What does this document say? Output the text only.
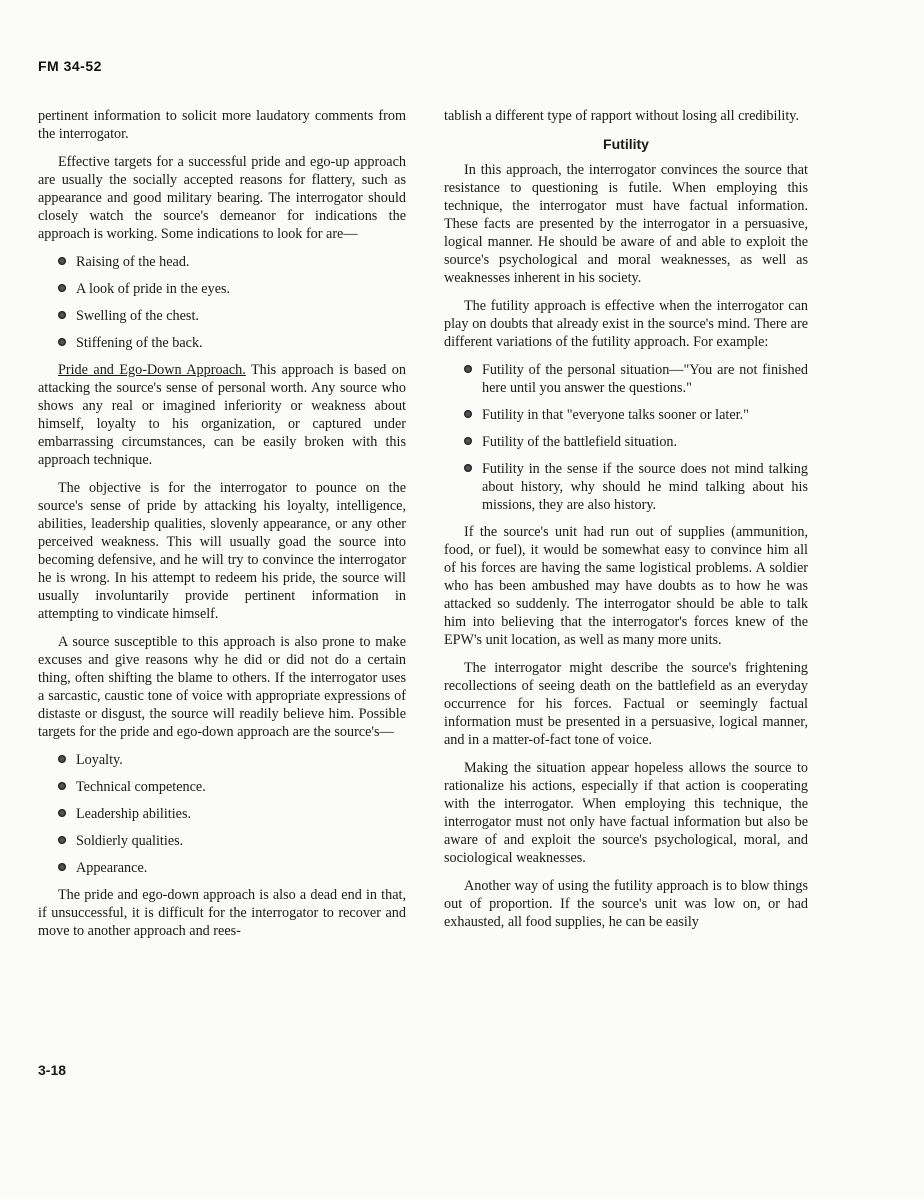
FM 34-52

pertinent information to solicit more laudatory comments from the interrogator.

Effective targets for a successful pride and ego-up approach are usually the socially accepted reasons for flattery, such as appearance and good military bearing. The interrogator should closely watch the source's demeanor for indications the approach is working. Some indications to look for are—

Raising of the head.
A look of pride in the eyes.
Swelling of the chest.
Stiffening of the back.

Pride and Ego-Down Approach. This approach is based on attacking the source's sense of personal worth. Any source who shows any real or imagined inferiority or weakness about himself, loyalty to his organization, or captured under embarrassing circumstances, can be easily broken with this approach technique.

The objective is for the interrogator to pounce on the source's sense of pride by attacking his loyalty, intelligence, abilities, leadership qualities, slovenly appearance, or any other perceived weakness. This will usually goad the source into becoming defensive, and he will try to convince the interrogator he is wrong. In his attempt to redeem his pride, the source will usually involuntarily provide pertinent information in attempting to vindicate himself.

A source susceptible to this approach is also prone to make excuses and give reasons why he did or did not do a certain thing, often shifting the blame to others. If the interrogator uses a sarcastic, caustic tone of voice with appropriate expressions of distaste or disgust, the source will readily believe him. Possible targets for the pride and ego-down approach are the source's—

Loyalty.
Technical competence.
Leadership abilities.
Soldierly qualities.
Appearance.

The pride and ego-down approach is also a dead end in that, if unsuccessful, it is difficult for the interrogator to recover and move to another approach and rees-

tablish a different type of rapport without losing all credibility.

Futility

In this approach, the interrogator convinces the source that resistance to questioning is futile. When employing this technique, the interrogator must have factual information. These facts are presented by the interrogator in a persuasive, logical manner. He should be aware of and able to exploit the source's psychological and moral weaknesses, as well as weaknesses inherent in his society.

The futility approach is effective when the interrogator can play on doubts that already exist in the source's mind. There are different variations of the futility approach. For example:

Futility of the personal situation—"You are not finished here until you answer the questions."
Futility in that "everyone talks sooner or later."
Futility of the battlefield situation.
Futility in the sense if the source does not mind talking about history, why should he mind talking about his missions, they are also history.

If the source's unit had run out of supplies (ammunition, food, or fuel), it would be somewhat easy to convince him all of his forces are having the same logistical problems. A soldier who has been ambushed may have doubts as to how he was attacked so suddenly. The interrogator should be able to talk him into believing that the interrogator's forces knew of the EPW's unit location, as well as many more units.

The interrogator might describe the source's frightening recollections of seeing death on the battlefield as an everyday occurrence for his forces. Factual or seemingly factual information must be presented in a persuasive, logical manner, and in a matter-of-fact tone of voice.

Making the situation appear hopeless allows the source to rationalize his actions, especially if that action is cooperating with the interrogator. When employing this technique, the interrogator must not only have factual information but also be aware of and exploit the source's psychological, moral, and sociological weaknesses.

Another way of using the futility approach is to blow things out of proportion. If the source's unit was low on, or had exhausted, all food supplies, he can be easily

3-18
